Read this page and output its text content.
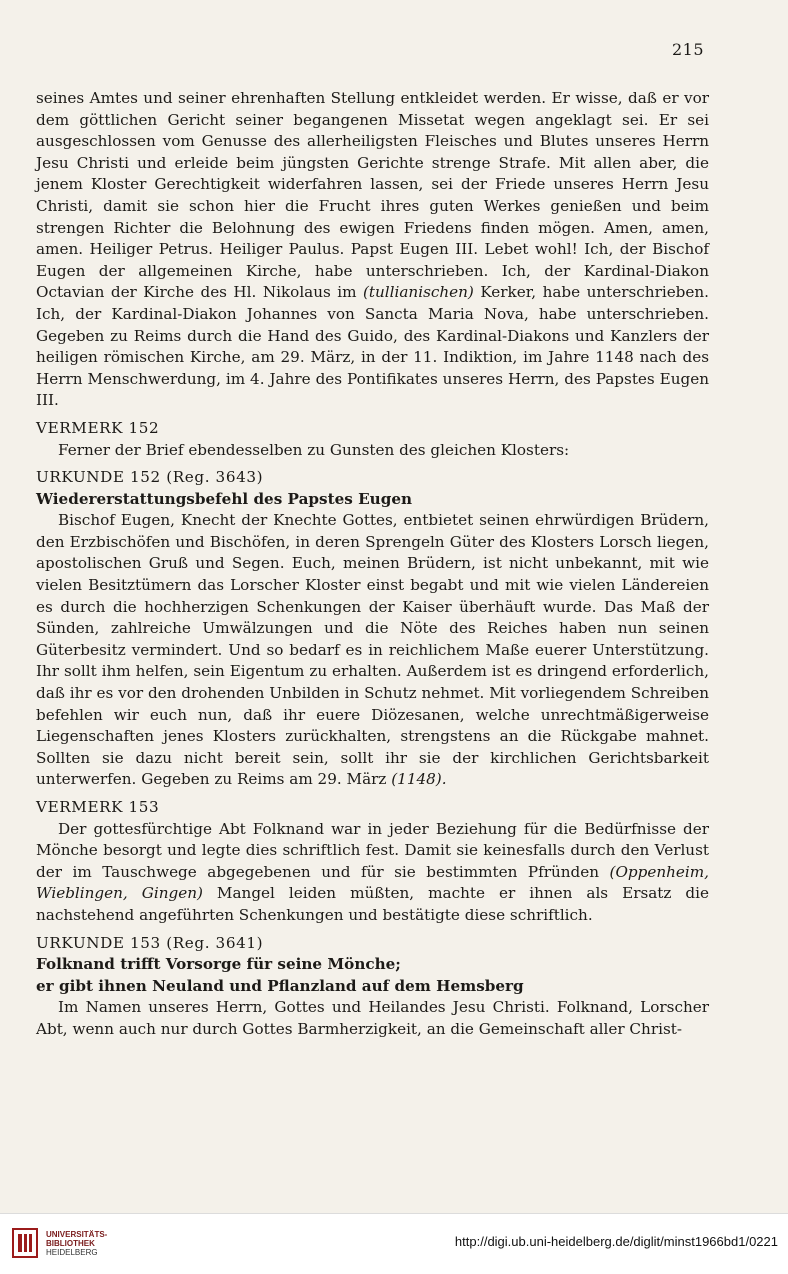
215

seines Amtes und seiner ehrenhaften Stellung entkleidet werden. Er wisse, daß er vor dem göttlichen Gericht seiner begangenen Missetat wegen angeklagt sei. Er sei ausgeschlossen vom Genusse des allerheiligsten Fleisches und Blutes unseres Herrn Jesu Christi und erleide beim jüngsten Gerichte strenge Strafe. Mit allen aber, die jenem Kloster Gerechtigkeit widerfahren lassen, sei der Friede unseres Herrn Jesu Christi, damit sie schon hier die Frucht ihres guten Werkes genießen und beim strengen Richter die Belohnung des ewigen Friedens finden mögen. Amen, amen, amen. Heiliger Petrus. Heiliger Paulus. Papst Eugen III. Lebet wohl! Ich, der Bischof Eugen der allgemeinen Kirche, habe unterschrieben. Ich, der Kardinal-Diakon Octavian der Kirche des Hl. Nikolaus im (tullianischen) Kerker, habe unterschrieben. Ich, der Kardinal-Diakon Johannes von Sancta Maria Nova, habe unterschrieben. Gegeben zu Reims durch die Hand des Guido, des Kardinal-Diakons und Kanzlers der heiligen römischen Kirche, am 29. März, in der 11. Indiktion, im Jahre 1148 nach des Herrn Menschwerdung, im 4. Jahre des Pontifikates unseres Herrn, des Papstes Eugen III.

VERMERK 152

Ferner der Brief ebendesselben zu Gunsten des gleichen Klosters:

URKUNDE 152 (Reg. 3643)

Wiedererstattungsbefehl des Papstes Eugen

Bischof Eugen, Knecht der Knechte Gottes, entbietet seinen ehrwürdigen Brüdern, den Erzbischöfen und Bischöfen, in deren Sprengeln Güter des Klosters Lorsch liegen, apostolischen Gruß und Segen. Euch, meinen Brüdern, ist nicht unbekannt, mit wie vielen Besitztümern das Lorscher Kloster einst begabt und mit wie vielen Ländereien es durch die hochherzigen Schenkungen der Kaiser überhäuft wurde. Das Maß der Sünden, zahlreiche Umwälzungen und die Nöte des Reiches haben nun seinen Güterbesitz vermindert. Und so bedarf es in reichlichem Maße euerer Unterstützung. Ihr sollt ihm helfen, sein Eigentum zu erhalten. Außerdem ist es dringend erforderlich, daß ihr es vor den drohenden Unbilden in Schutz nehmet. Mit vorliegendem Schreiben befehlen wir euch nun, daß ihr euere Diözesanen, welche unrechtmäßigerweise Liegenschaften jenes Klosters zurückhalten, strengstens an die Rückgabe mahnet. Sollten sie dazu nicht bereit sein, sollt ihr sie der kirchlichen Gerichtsbarkeit unterwerfen. Gegeben zu Reims am 29. März (1148).

VERMERK 153

Der gottesfürchtige Abt Folknand war in jeder Beziehung für die Bedürfnisse der Mönche besorgt und legte dies schriftlich fest. Damit sie keinesfalls durch den Verlust der im Tauschwege abgegebenen und für sie bestimmten Pfründen (Oppenheim, Wieblingen, Gingen) Mangel leiden müßten, machte er ihnen als Ersatz die nachstehend angeführten Schenkungen und bestätigte diese schriftlich.

URKUNDE 153 (Reg. 3641)

Folknand trifft Vorsorge für seine Mönche;

er gibt ihnen Neuland und Pflanzland auf dem Hemsberg

Im Namen unseres Herrn, Gottes und Heilandes Jesu Christi. Folknand, Lorscher Abt, wenn auch nur durch Gottes Barmherzigkeit, an die Gemeinschaft aller Christ-

UNIVERSITÄTS-
BIBLIOTHEK
HEIDELBERG
http://digi.ub.uni-heidelberg.de/diglit/minst1966bd1/0221
